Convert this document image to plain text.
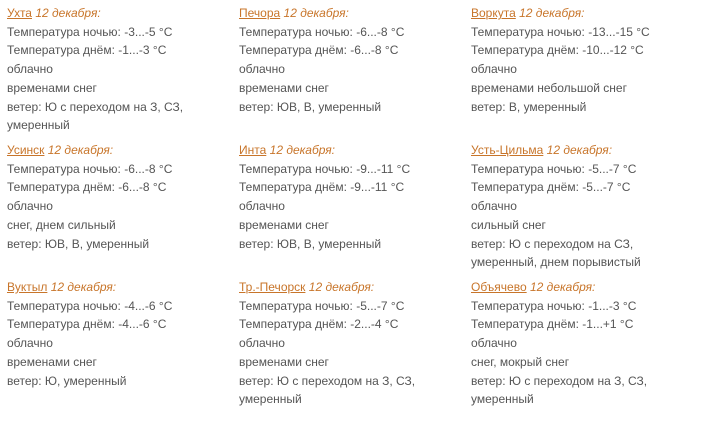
Ухта 12 декабря:
Температура ночью: -3...-5 °C
Температура днём: -1...-3 °C
облачно
временами снег
ветер: Ю с переходом на З, СЗ, умеренный
Печора 12 декабря:
Температура ночью: -6...-8 °C
Температура днём: -6...-8 °C
облачно
временами снег
ветер: ЮВ, В, умеренный
Воркута 12 декабря:
Температура ночью: -13...-15 °C
Температура днём: -10...-12 °C
облачно
временами небольшой снег
ветер: В, умеренный
Усинск 12 декабря:
Температура ночью: -6...-8 °C
Температура днём: -6...-8 °C
облачно
снег, днем сильный
ветер: ЮВ, В, умеренный
Инта 12 декабря:
Температура ночью: -9...-11 °C
Температура днём: -9...-11 °C
облачно
временами снег
ветер: ЮВ, В, умеренный
Усть-Цильма 12 декабря:
Температура ночью: -5...-7 °C
Температура днём: -5...-7 °C
облачно
сильный снег
ветер: Ю с переходом на СЗ, умеренный, днем порывистый
Вуктыл 12 декабря:
Температура ночью: -4...-6 °C
Температура днём: -4...-6 °C
облачно
временами снег
ветер: Ю, умеренный
Тр.-Печорск 12 декабря:
Температура ночью: -5...-7 °C
Температура днём: -2...-4 °C
облачно
временами снег
ветер: Ю с переходом на З, СЗ, умеренный
Объячево 12 декабря:
Температура ночью: -1...-3 °C
Температура днём: -1...+1 °C
облачно
снег, мокрый снег
ветер: Ю с переходом на З, СЗ, умеренный
